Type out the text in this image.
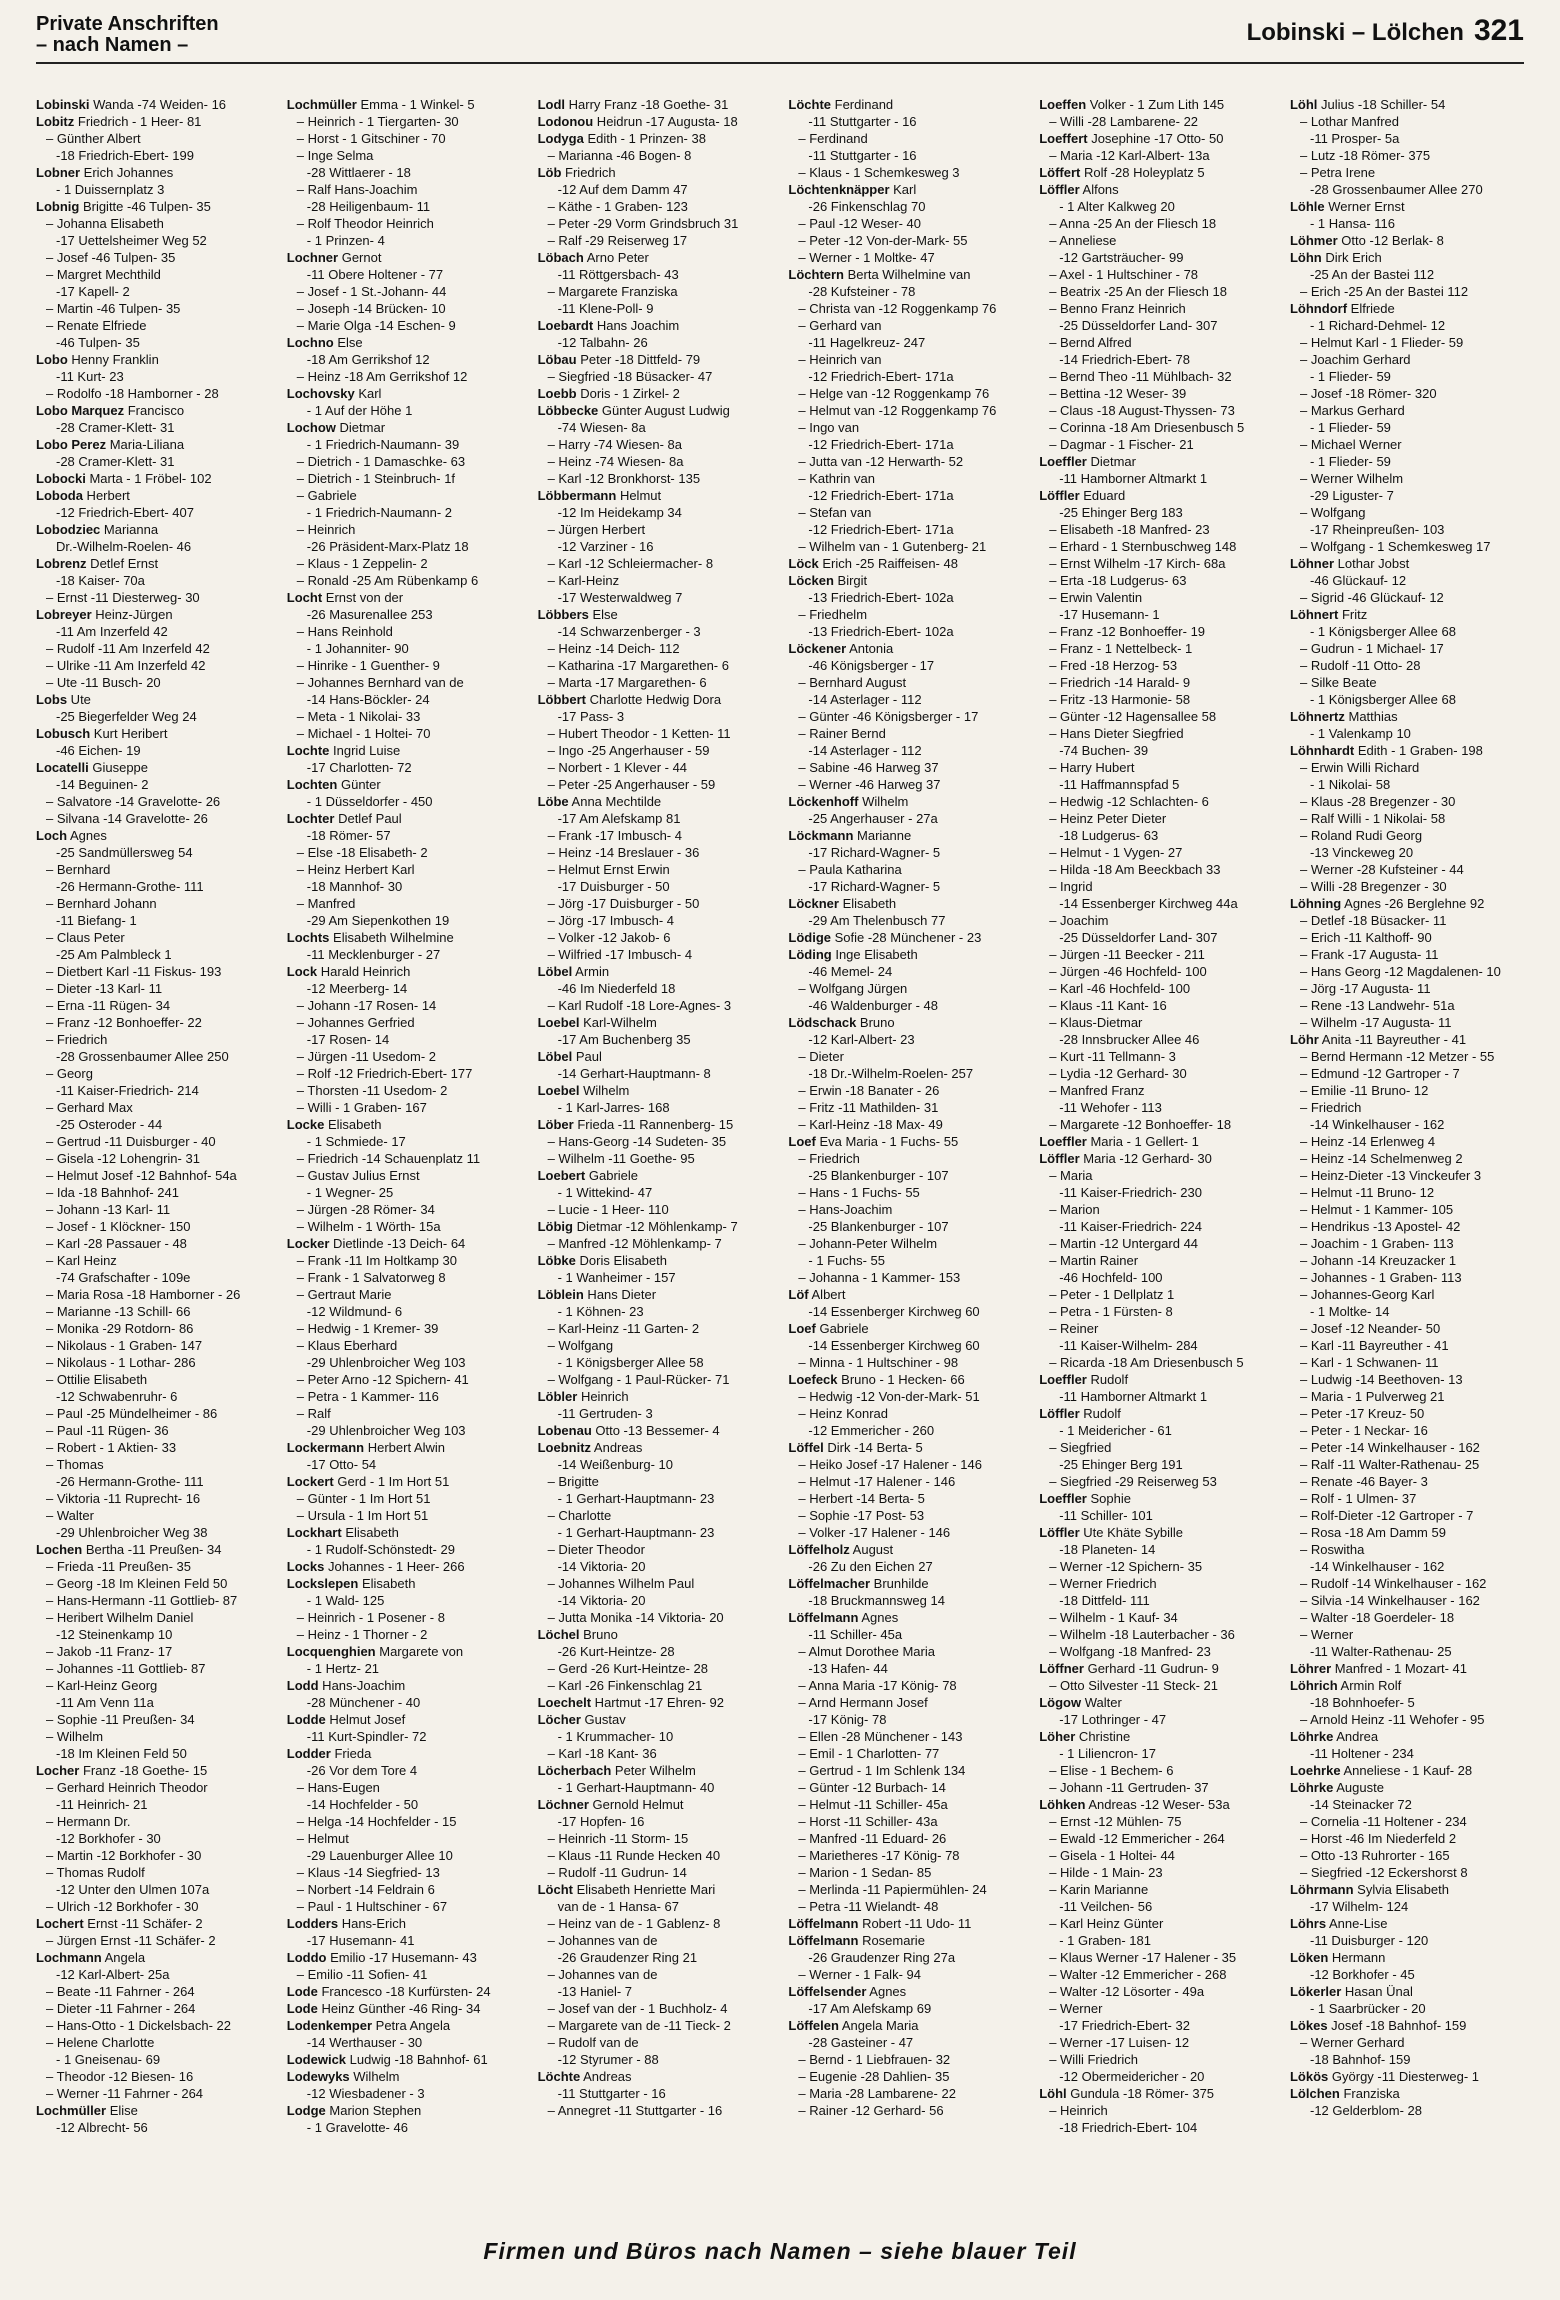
Private Anschriften
– nach Namen –	Lobinski – Lölchen 321
Lobinski Wanda -74 Weiden- 16
Lobitz Friedrich - 1 Heer- 81
– Günther Albert
-18 Friedrich-Ebert- 199
Lobner Erich Johannes
- 1 Duissernplatz 3
Lobnig Brigitte -46 Tulpen- 35
– Johanna Elisabeth
-17 Uettelsheimer Weg 52
– Josef -46 Tulpen- 35
– Margret Mechthild
-17 Kapell- 2
– Martin -46 Tulpen- 35
– Renate Elfriede
-46 Tulpen- 35
Lobo Henny Franklin
-11 Kurt- 23
– Rodolfo -18 Hamborner - 28
Lobo Marquez Francisco
-28 Cramer-Klett- 31
Lobo Perez Maria-Liliana
-28 Cramer-Klett- 31
Lobocki Marta - 1 Fröbel- 102
Loboda Herbert
-12 Friedrich-Ebert- 407
Lobodziec Marianna
Dr.-Wilhelm-Roelen- 46
Lobrenz Detlef Ernst
-18 Kaiser- 70a
– Ernst -11 Diesterweg- 30
Lobreyer Heinz-Jürgen
-11 Am Inzerfeld 42
– Rudolf -11 Am Inzerfeld 42
– Ulrike -11 Am Inzerfeld 42
– Ute -11 Busch- 20
Lobs Ute
-25 Biegerfelder Weg 24
Lobusch Kurt Heribert
-46 Eichen- 19
Locatelli Giuseppe
-14 Beguinen- 2
– Salvatore -14 Gravelotte- 26
– Silvana -14 Gravelotte- 26
Loch Agnes
-25 Sandmüllersweg 54
– Bernhard
-26 Hermann-Grothe- 111
– Bernhard Johann
-11 Biefang- 1
– Claus Peter
-25 Am Palmbleck 1
– Dietbert Karl -11 Fiskus- 193
– Dieter -13 Karl- 11
– Erna -11 Rügen- 34
– Franz -12 Bonhoeffer- 22
– Friedrich
-28 Grossenbaumer Allee 250
– Georg
-11 Kaiser-Friedrich- 214
– Gerhard Max
-25 Osteroder - 44
– Gertrud -11 Duisburger - 40
– Gisela -12 Lohengrin- 31
– Helmut Josef -12 Bahnhof- 54a
– Ida -18 Bahnhof- 241
– Johann -13 Karl- 11
– Josef - 1 Klöckner- 150
– Karl -28 Passauer - 48
– Karl Heinz
-74 Grafschafter - 109e
– Maria Rosa -18 Hamborner - 26
– Marianne -13 Schill- 66
– Monika -29 Rotdorn- 86
– Nikolaus - 1 Graben- 147
– Nikolaus - 1 Lothar- 286
– Ottilie Elisabeth
-12 Schwabenruhr- 6
– Paul -25 Mündelheimer - 86
– Paul -11 Rügen- 36
– Robert - 1 Aktien- 33
– Thomas
-26 Hermann-Grothe- 111
– Viktoria -11 Ruprecht- 16
– Walter
-29 Uhlenbroicher Weg 38
Lochen Bertha -11 Preußen- 34
– Frieda -11 Preußen- 35
– Georg -18 Im Kleinen Feld 50
– Hans-Hermann -11 Gottlieb- 87
– Heribert Wilhelm Daniel
-12 Steinenkamp 10
– Jakob -11 Franz- 17
– Johannes -11 Gottlieb- 87
– Karl-Heinz Georg
-11 Am Venn 11a
– Sophie -11 Preußen- 34
– Wilhelm
-18 Im Kleinen Feld 50
Locher Franz -18 Goethe- 15
– Gerhard Heinrich Theodor
-11 Heinrich- 21
– Hermann Dr.
-12 Borkhofer - 30
– Martin -12 Borkhofer - 30
– Thomas Rudolf
-12 Unter den Ulmen 107a
– Ulrich -12 Borkhofer - 30
Lochert Ernst -11 Schäfer- 2
– Jürgen Ernst -11 Schäfer- 2
Lochmann Angela
-12 Karl-Albert- 25a
– Beate -11 Fahrner - 264
– Dieter -11 Fahrner - 264
– Hans-Otto - 1 Dickelsbach- 22
– Helene Charlotte
- 1 Gneisenau- 69
– Theodor -12 Biesen- 16
– Werner -11 Fahrner - 264
Lochmüller Elise
-12 Albrecht- 56
Lochmüller Emma - 1 Winkel- 5
– Heinrich - 1 Tiergarten- 30
– Horst - 1 Gitschiner - 70
– Inge Selma
-28 Wittlaerer - 18
– Ralf Hans-Joachim
-28 Heiligenbaum- 11
– Rolf Theodor Heinrich
- 1 Prinzen- 4
Lochner Gernot
-11 Obere Holtener - 77
– Josef - 1 St.-Johann- 44
– Joseph -14 Brücken- 10
– Marie Olga -14 Eschen- 9
Lochno Else
-18 Am Gerrikshof 12
– Heinz -18 Am Gerrikshof 12
Lochovsky Karl
- 1 Auf der Höhe 1
Lochow Dietmar
- 1 Friedrich-Naumann- 39
– Dietrich - 1 Damaschke- 63
– Dietrich - 1 Steinbruch- 1f
– Gabriele
- 1 Friedrich-Naumann- 2
– Heinrich
-26 Präsident-Marx-Platz 18
– Klaus - 1 Zeppelin- 2
– Ronald -25 Am Rübenkamp 6
Locht Ernst von der
-26 Masurenallee 253
– Hans Reinhold
- 1 Johanniter- 90
– Hinrike - 1 Guenther- 9
– Johannes Bernhard van de
-14 Hans-Böckler- 24
– Meta - 1 Nikolai- 33
– Michael - 1 Holtei- 70
Lochte Ingrid Luise
-17 Charlotten- 72
Lochten Günter
- 1 Düsseldorfer - 450
Lochter Detlef Paul
-18 Römer- 57
– Else -18 Elisabeth- 2
– Heinz Herbert Karl
-18 Mannhof- 30
– Manfred
-29 Am Siepenkothen 19
Lochts Elisabeth Wilhelmine
-11 Mecklenburger - 27
Lock Harald Heinrich
-12 Meerberg- 14
– Johann -17 Rosen- 14
– Johannes Gerfried
-17 Rosen- 14
– Jürgen -11 Usedom- 2
– Rolf -12 Friedrich-Ebert- 177
– Thorsten -11 Usedom- 2
– Willi - 1 Graben- 167
Locke Elisabeth
- 1 Schmiede- 17
– Friedrich -14 Schauenplatz 11
– Gustav Julius Ernst
- 1 Wegner- 25
– Jürgen -28 Römer- 34
– Wilhelm - 1 Wörth- 15a
Locker Dietlinde -13 Deich- 64
– Frank -11 Im Holtkamp 30
– Frank - 1 Salvatorweg 8
– Gertraut Marie
-12 Wildmund- 6
– Hedwig - 1 Kremer- 39
– Klaus Eberhard
-29 Uhlenbroicher Weg 103
– Peter Arno -12 Spichern- 41
– Petra - 1 Kammer- 116
– Ralf
-29 Uhlenbroicher Weg 103
Lockermann Herbert Alwin
-17 Otto- 54
Lockert Gerd - 1 Im Hort 51
– Günter - 1 Im Hort 51
– Ursula - 1 Im Hort 51
Lockhart Elisabeth
- 1 Rudolf-Schönstedt- 29
Locks Johannes - 1 Heer- 266
Lockslepen Elisabeth
- 1 Wald- 125
– Heinrich - 1 Posener - 8
– Heinz - 1 Thorner - 2
Locquenghien Margarete von
- 1 Hertz- 21
Lodd Hans-Joachim
-28 Münchener - 40
Lodde Helmut Josef
-11 Kurt-Spindler- 72
Lodder Frieda
-26 Vor dem Tore 4
– Hans-Eugen
-14 Hochfelder - 50
– Helga -14 Hochfelder - 15
– Helmut
-29 Lauenburger Allee 10
– Klaus -14 Siegfried- 13
– Norbert -14 Feldrain 6
– Paul - 1 Hultschiner - 67
Lodders Hans-Erich
-17 Husemann- 41
Loddo Emilio -17 Husemann- 43
– Emilio -11 Sofien- 41
Lode Francesco -18 Kurfürsten- 24
Lode Heinz Günther -46 Ring- 34
Lodenkemper Petra Angela
-14 Werthauser - 30
Lodewick Ludwig -18 Bahnhof- 61
Lodewyks Wilhelm
-12 Wiesbadener - 3
Lodge Marion Stephen
- 1 Gravelotte- 46
Lodl Harry Franz -18 Goethe- 31
Lodonou Heidrun -17 Augusta- 18
Lodyga Edith - 1 Prinzen- 38
– Marianna -46 Bogen- 8
Löb Friedrich
-12 Auf dem Damm 47
– Käthe - 1 Graben- 123
– Peter -29 Vorm Grindsbruch 31
– Ralf -29 Reiserweg 17
Löbach Arno Peter
-11 Röttgersbach- 43
– Margarete Franziska
-11 Klene-Poll- 9
Loebardt Hans Joachim
-12 Talbahn- 26
Löbau Peter -18 Dittfeld- 79
– Siegfried -18 Büsacker- 47
Loebb Doris - 1 Zirkel- 2
Löbbecke Günter August Ludwig
-74 Wiesen- 8a
– Harry -74 Wiesen- 8a
– Heinz -74 Wiesen- 8a
– Karl -12 Bronkhorst- 135
Löbbermann Helmut
-12 Im Heidekamp 34
– Jürgen Herbert
-12 Varziner - 16
– Karl -12 Schleiermacher- 8
– Karl-Heinz
-17 Westerwaldweg 7
Löbbers Else
-14 Schwarzenberger - 3
– Heinz -14 Deich- 112
– Katharina -17 Margarethen- 6
– Marta -17 Margarethen- 6
Löbbert Charlotte Hedwig Dora
-17 Pass- 3
– Hubert Theodor - 1 Ketten- 11
– Ingo -25 Angerhauser - 59
– Norbert - 1 Klever - 44
– Peter -25 Angerhauser - 59
Löbe Anna Mechtilde
-17 Am Alefskamp 81
– Frank -17 Imbusch- 4
– Heinz -14 Breslauer - 36
– Helmut Ernst Erwin
-17 Duisburger - 50
– Jörg -17 Duisburger - 50
– Jörg -17 Imbusch- 4
– Volker -12 Jakob- 6
– Wilfried -17 Imbusch- 4
Löbel Armin
-46 Im Niederfeld 18
– Karl Rudolf -18 Lore-Agnes- 3
Loebel Karl-Wilhelm
-17 Am Buchenberg 35
Löbel Paul
-14 Gerhart-Hauptmann- 8
Loebel Wilhelm
- 1 Karl-Jarres- 168
Löber Frieda -11 Rannenberg- 15
– Hans-Georg -14 Sudeten- 35
– Wilhelm -11 Goethe- 95
Loebert Gabriele
- 1 Wittekind- 47
– Lucie - 1 Heer- 110
Löbig Dietmar -12 Möhlenkamp- 7
– Manfred -12 Möhlenkamp- 7
Löbke Doris Elisabeth
- 1 Wanheimer - 157
Löblein Hans Dieter
- 1 Köhnen- 23
– Karl-Heinz -11 Garten- 2
– Wolfgang
- 1 Königsberger Allee 58
– Wolfgang - 1 Paul-Rücker- 71
Löbler Heinrich
-11 Gertruden- 3
Lobenau Otto -13 Bessemer- 4
Loebnitz Andreas
-14 Weißenburg- 10
– Brigitte
- 1 Gerhart-Hauptmann- 23
– Charlotte
- 1 Gerhart-Hauptmann- 23
– Dieter Theodor
-14 Viktoria- 20
– Johannes Wilhelm Paul
-14 Viktoria- 20
– Jutta Monika -14 Viktoria- 20
Löchel Bruno
-26 Kurt-Heintze- 28
– Gerd -26 Kurt-Heintze- 28
– Karl -26 Finkenschlag 21
Loechelt Hartmut -17 Ehren- 92
Löcher Gustav
- 1 Krummacher- 10
– Karl -18 Kant- 36
Löcherbach Peter Wilhelm
- 1 Gerhart-Hauptmann- 40
Löchner Gernold Helmut
-17 Hopfen- 16
– Heinrich -11 Storm- 15
– Klaus -11 Runde Hecken 40
– Rudolf -11 Gudrun- 14
Löcht Elisabeth Henriette Mari
van de - 1 Hansa- 67
– Heinz van de - 1 Gablenz- 8
– Johannes van de
-26 Graudenzer Ring 21
– Johannes van de
-13 Haniel- 7
– Josef van der - 1 Buchholz- 4
– Margarete van de -11 Tieck- 2
– Rudolf van de
-12 Styrumer - 88
Löchte Andreas
-11 Stuttgarter - 16
– Annegret -11 Stuttgarter - 16
Löchte Ferdinand
-11 Stuttgarter - 16
– Ferdinand
-11 Stuttgarter - 16
– Klaus - 1 Schemkesweg 3
Löchtenknäpper Karl
-26 Finkenschlag 70
– Paul -12 Weser- 40
– Peter -12 Von-der-Mark- 55
– Werner - 1 Moltke- 47
Löchtern Berta Wilhelmine van
-28 Kufsteiner - 78
– Christa van -12 Roggenkamp 76
– Gerhard van
-11 Hagelkreuz- 247
– Heinrich van
-12 Friedrich-Ebert- 171a
– Helge van -12 Roggenkamp 76
– Helmut van -12 Roggenkamp 76
– Ingo van
-12 Friedrich-Ebert- 171a
– Jutta van -12 Herwarth- 52
– Kathrin van
-12 Friedrich-Ebert- 171a
– Stefan van
-12 Friedrich-Ebert- 171a
– Wilhelm van - 1 Gutenberg- 21
Löck Erich -25 Raiffeisen- 48
Löcken Birgit
-13 Friedrich-Ebert- 102a
– Friedhelm
-13 Friedrich-Ebert- 102a
Löckener Antonia
-46 Königsberger - 17
– Bernhard August
-14 Asterlager - 112
– Günter -46 Königsberger - 17
– Rainer Bernd
-14 Asterlager - 112
– Sabine -46 Harweg 37
– Werner -46 Harweg 37
Löckenhoff Wilhelm
-25 Angerhauser - 27a
Löckmann Marianne
-17 Richard-Wagner- 5
– Paula Katharina
-17 Richard-Wagner- 5
Löckner Elisabeth
-29 Am Thelenbusch 77
Lödige Sofie -28 Münchener - 23
Löding Inge Elisabeth
-46 Memel- 24
– Wolfgang Jürgen
-46 Waldenburger - 48
Lödschack Bruno
-12 Karl-Albert- 23
– Dieter
-18 Dr.-Wilhelm-Roelen- 257
– Erwin -18 Banater - 26
– Fritz -11 Mathilden- 31
– Karl-Heinz -18 Max- 49
Loef Eva Maria - 1 Fuchs- 55
– Friedrich
-25 Blankenburger - 107
– Hans - 1 Fuchs- 55
– Hans-Joachim
-25 Blankenburger - 107
– Johann-Peter Wilhelm
- 1 Fuchs- 55
– Johanna - 1 Kammer- 153
Löf Albert
-14 Essenberger Kirchweg 60
Loef Gabriele
-14 Essenberger Kirchweg 60
– Minna - 1 Hultschiner - 98
Loefeck Bruno - 1 Hecken- 66
– Hedwig -12 Von-der-Mark- 51
– Heinz Konrad
-12 Emmericher - 260
Löffel Dirk -14 Berta- 5
– Heiko Josef -17 Halener - 146
– Helmut -17 Halener - 146
– Herbert -14 Berta- 5
– Sophie -17 Post- 53
– Volker -17 Halener - 146
Löffelholz August
-26 Zu den Eichen 27
Löffelmacher Brunhilde
-18 Bruckmannsweg 14
Löffelmann Agnes
-11 Schiller- 45a
– Almut Dorothee Maria
-13 Hafen- 44
– Anna Maria -17 König- 78
– Arnd Hermann Josef
-17 König- 78
– Ellen -28 Münchener - 143
– Emil - 1 Charlotten- 77
– Gertrud - 1 Im Schlenk 134
– Günter -12 Burbach- 14
– Helmut -11 Schiller- 45a
– Horst -11 Schiller- 43a
– Manfred -11 Eduard- 26
– Marietheres -17 König- 78
– Marion - 1 Sedan- 85
– Merlinda -11 Papiermühlen- 24
– Petra -11 Wielandt- 48
Löffelmann Robert -11 Udo- 11
Löffelmann Rosemarie
-26 Graudenzer Ring 27a
– Werner - 1 Falk- 94
Löffelsender Agnes
-17 Am Alefskamp 69
Löffelen Angela Maria
-28 Gasteiner - 47
– Bernd - 1 Liebfrauen- 32
– Eugenie -28 Dahlien- 35
– Maria -28 Lambarene- 22
– Rainer -12 Gerhard- 56
Loeffen Volker - 1 Zum Lith 145
– Willi -28 Lambarene- 22
Loeffert Josephine -17 Otto- 50
– Maria -12 Karl-Albert- 13a
Löffert Rolf -28 Holeyplatz 5
Löffler Alfons
- 1 Alter Kalkweg 20
– Anna -25 An der Fliesch 18
– Anneliese
-12 Gartsträucher- 99
– Axel - 1 Hultschiner - 78
– Beatrix -25 An der Fliesch 18
– Benno Franz Heinrich
-25 Düsseldorfer Land- 307
– Bernd Alfred
-14 Friedrich-Ebert- 78
– Bernd Theo -11 Mühlbach- 32
– Bettina -12 Weser- 39
– Claus -18 August-Thyssen- 73
– Corinna -18 Am Driesenbusch 5
– Dagmar - 1 Fischer- 21
Loeffler Dietmar
-11 Hamborner Altmarkt 1
Löffler Eduard
-25 Ehinger Berg 183
– Elisabeth -18 Manfred- 23
– Erhard - 1 Sternbuschweg 148
– Ernst Wilhelm -17 Kirch- 68a
– Erta -18 Ludgerus- 63
– Erwin Valentin
-17 Husemann- 1
– Franz -12 Bonhoeffer- 19
– Franz - 1 Nettelbeck- 1
– Fred -18 Herzog- 53
– Friedrich -14 Harald- 9
– Fritz -13 Harmonie- 58
– Günter -12 Hagensallee 58
– Hans Dieter Siegfried
-74 Buchen- 39
– Harry Hubert
-11 Haffmannspfad 5
– Hedwig -12 Schlachten- 6
– Heinz Peter Dieter
-18 Ludgerus- 63
– Helmut - 1 Vygen- 27
– Hilda -18 Am Beeckbach 33
– Ingrid
-14 Essenberger Kirchweg 44a
– Joachim
-25 Düsseldorfer Land- 307
– Jürgen -11 Beecker - 211
– Jürgen -46 Hochfeld- 100
– Karl -46 Hochfeld- 100
– Klaus -11 Kant- 16
– Klaus-Dietmar
-28 Innsbrucker Allee 46
– Kurt -11 Tellmann- 3
– Lydia -12 Gerhard- 30
– Manfred Franz
-11 Wehofer - 113
– Margarete -12 Bonhoeffer- 18
Loeffler Maria - 1 Gellert- 1
Löffler Maria -12 Gerhard- 30
– Maria
-11 Kaiser-Friedrich- 230
– Marion
-11 Kaiser-Friedrich- 224
– Martin -12 Untergard 44
– Martin Rainer
-46 Hochfeld- 100
– Peter - 1 Dellplatz 1
– Petra - 1 Fürsten- 8
– Reiner
-11 Kaiser-Wilhelm- 284
– Ricarda -18 Am Driesenbusch 5
Loeffler Rudolf
-11 Hamborner Altmarkt 1
Löffler Rudolf
- 1 Meidericher - 61
– Siegfried
-25 Ehinger Berg 191
– Siegfried -29 Reiserweg 53
Loeffler Sophie
-11 Schiller- 101
Löffler Ute Khäte Sybille
-18 Planeten- 14
– Werner -12 Spichern- 35
– Werner Friedrich
-18 Dittfeld- 111
– Wilhelm - 1 Kauf- 34
– Wilhelm -18 Lauterbacher - 36
– Wolfgang -18 Manfred- 23
Löffner Gerhard -11 Gudrun- 9
– Otto Silvester -11 Steck- 21
Lögow Walter
-17 Lothringer - 47
Löher Christine
- 1 Liliencron- 17
– Elise - 1 Bechem- 6
– Johann -11 Gertruden- 37
Löhken Andreas -12 Weser- 53a
– Ernst -12 Mühlen- 75
– Ewald -12 Emmericher - 264
– Gisela - 1 Holtei- 44
– Hilde - 1 Main- 23
– Karin Marianne
-11 Veilchen- 56
– Karl Heinz Günter
- 1 Graben- 181
– Klaus Werner -17 Halener - 35
– Walter -12 Emmericher - 268
– Walter -12 Lösorter - 49a
– Werner
-17 Friedrich-Ebert- 32
– Werner -17 Luisen- 12
– Willi Friedrich
-12 Obermeidericher - 20
Löhl Gundula -18 Römer- 375
– Heinrich
-18 Friedrich-Ebert- 104
Löhl Julius -18 Schiller- 54
– Lothar Manfred
-11 Prosper- 5a
– Lutz -18 Römer- 375
– Petra Irene
-28 Grossenbaumer Allee 270
Löhle Werner Ernst
- 1 Hansa- 116
Löhmer Otto -12 Berlak- 8
Löhn Dirk Erich
-25 An der Bastei 112
– Erich -25 An der Bastei 112
Löhndorf Elfriede
- 1 Richard-Dehmel- 12
– Helmut Karl - 1 Flieder- 59
– Joachim Gerhard
- 1 Flieder- 59
– Josef -18 Römer- 320
– Markus Gerhard
- 1 Flieder- 59
– Michael Werner
- 1 Flieder- 59
– Werner Wilhelm
-29 Liguster- 7
– Wolfgang
-17 Rheinpreußen- 103
– Wolfgang - 1 Schemkesweg 17
Löhner Lothar Jobst
-46 Glückauf- 12
– Sigrid -46 Glückauf- 12
Löhnert Fritz
- 1 Königsberger Allee 68
– Gudrun - 1 Michael- 17
– Rudolf -11 Otto- 28
– Silke Beate
- 1 Königsberger Allee 68
Löhnertz Matthias
- 1 Valenkamp 10
Löhnhardt Edith - 1 Graben- 198
– Erwin Willi Richard
- 1 Nikolai- 58
– Klaus -28 Bregenzer - 30
– Ralf Willi - 1 Nikolai- 58
– Roland Rudi Georg
-13 Vinckeweg 20
– Werner -28 Kufsteiner - 44
– Willi -28 Bregenzer - 30
Löhning Agnes -26 Berglehne 92
– Detlef -18 Büsacker- 11
– Erich -11 Kalthoff- 90
– Frank -17 Augusta- 11
– Hans Georg -12 Magdalenen- 10
– Jörg -17 Augusta- 11
– Rene -13 Landwehr- 51a
– Wilhelm -17 Augusta- 11
Löhr Anita -11 Bayreuther - 41
– Bernd Hermann -12 Metzer - 55
– Edmund -12 Gartroper - 7
– Emilie -11 Bruno- 12
– Friedrich
-14 Winkelhauser - 162
– Heinz -14 Erlenweg 4
– Heinz -14 Schelmenweg 2
– Heinz-Dieter -13 Vinckeufer 3
– Helmut -11 Bruno- 12
– Helmut - 1 Kammer- 105
– Hendrikus -13 Apostel- 42
– Joachim - 1 Graben- 113
– Johann -14 Kreuzacker 1
– Johannes - 1 Graben- 113
– Johannes-Georg Karl
- 1 Moltke- 14
– Josef -12 Neander- 50
– Karl -11 Bayreuther - 41
– Karl - 1 Schwanen- 11
– Ludwig -14 Beethoven- 13
– Maria - 1 Pulverweg 21
– Peter -17 Kreuz- 50
– Peter - 1 Neckar- 16
– Peter -14 Winkelhauser - 162
– Ralf -11 Walter-Rathenau- 25
– Renate -46 Bayer- 3
– Rolf - 1 Ulmen- 37
– Rolf-Dieter -12 Gartroper - 7
– Rosa -18 Am Damm 59
– Roswitha
-14 Winkelhauser - 162
– Rudolf -14 Winkelhauser - 162
– Silvia -14 Winkelhauser - 162
– Walter -18 Goerdeler- 18
– Werner
-11 Walter-Rathenau- 25
Löhrer Manfred - 1 Mozart- 41
Löhrich Armin Rolf
-18 Bohnhoefer- 5
– Arnold Heinz -11 Wehofer - 95
Löhrke Andrea
-11 Holtener - 234
Loehrke Anneliese - 1 Kauf- 28
Löhrke Auguste
-14 Steinacker 72
– Cornelia -11 Holtener - 234
– Horst -46 Im Niederfeld 2
– Otto -13 Ruhrorter - 165
– Siegfried -12 Eckershorst 8
Löhrmann Sylvia Elisabeth
-17 Wilhelm- 124
Löhrs Anne-Lise
-11 Duisburger - 120
Löken Hermann
-12 Borkhofer - 45
Lökerler Hasan Ünal
- 1 Saarbrücker - 20
Lökes Josef -18 Bahnhof- 159
– Werner Gerhard
-18 Bahnhof- 159
Lökös György -11 Diesterweg- 1
Lölchen Franziska
-12 Gelderblom- 28
Firmen und Büros nach Namen – siehe blauer Teil
